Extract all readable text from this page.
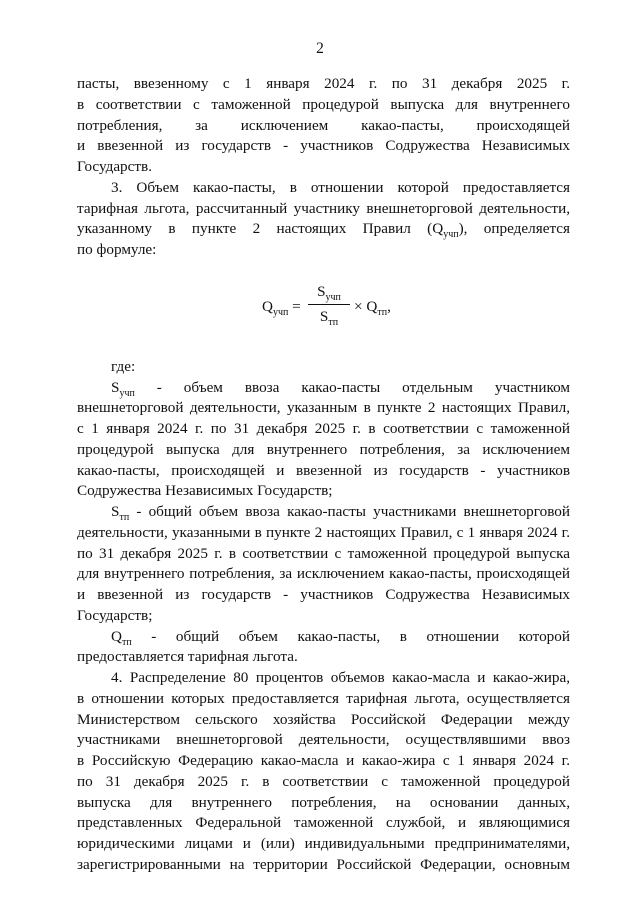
2

пасты, ввезенному с 1 января 2024 г. по 31 декабря 2025 г.

в соответствии с таможенной процедурой выпуска для внутреннего

потребления, за исключением какао-пасты, происходящей

и ввезенной из государств - участников Содружества Независимых

Государств.

3. Объем какао-пасты, в отношении которой предоставляется

тарифная льгота, рассчитанный участнику внешнеторговой деятельности,

указанному в пункте 2 настоящих Правил $(Q_{учп})$, определяется

по формуле:

$Q_{учп}$ =
$S_{учп}$
$S_{тп}$
× $Q_{тп}$,

где:

$S_{учп}$ - объем ввоза какао-пасты отдельным участником

внешнеторговой деятельности, указанным в пункте 2 настоящих Правил,

с 1 января 2024 г. по 31 декабря 2025 г. в соответствии с таможенной

процедурой выпуска для внутреннего потребления, за исключением

какао-пасты, происходящей и ввезенной из государств - участников

Содружества Независимых Государств;

$S_{тп}$ - общий объем ввоза какао-пасты участниками внешнеторговой

деятельности, указанными в пункте 2 настоящих Правил, с 1 января 2024 г.

по 31 декабря 2025 г. в соответствии с таможенной процедурой выпуска

для внутреннего потребления, за исключением какао-пасты, происходящей

и ввезенной из государств - участников Содружества Независимых

Государств;

$Q_{тп}$ - общий объем какао-пасты, в отношении которой

предоставляется тарифная льгота.

4. Распределение 80 процентов объемов какао-масла и какао-жира,

в отношении которых предоставляется тарифная льгота, осуществляется

Министерством сельского хозяйства Российской Федерации между

участниками внешнеторговой деятельности, осуществлявшими ввоз

в Российскую Федерацию какао-масла и какао-жира с 1 января 2024 г.

по 31 декабря 2025 г. в соответствии с таможенной процедурой

выпуска для внутреннего потребления, на основании данных,

представленных Федеральной таможенной службой, и являющимися

юридическими лицами и (или) индивидуальными предпринимателями,

зарегистрированными на территории Российской Федерации, основным
